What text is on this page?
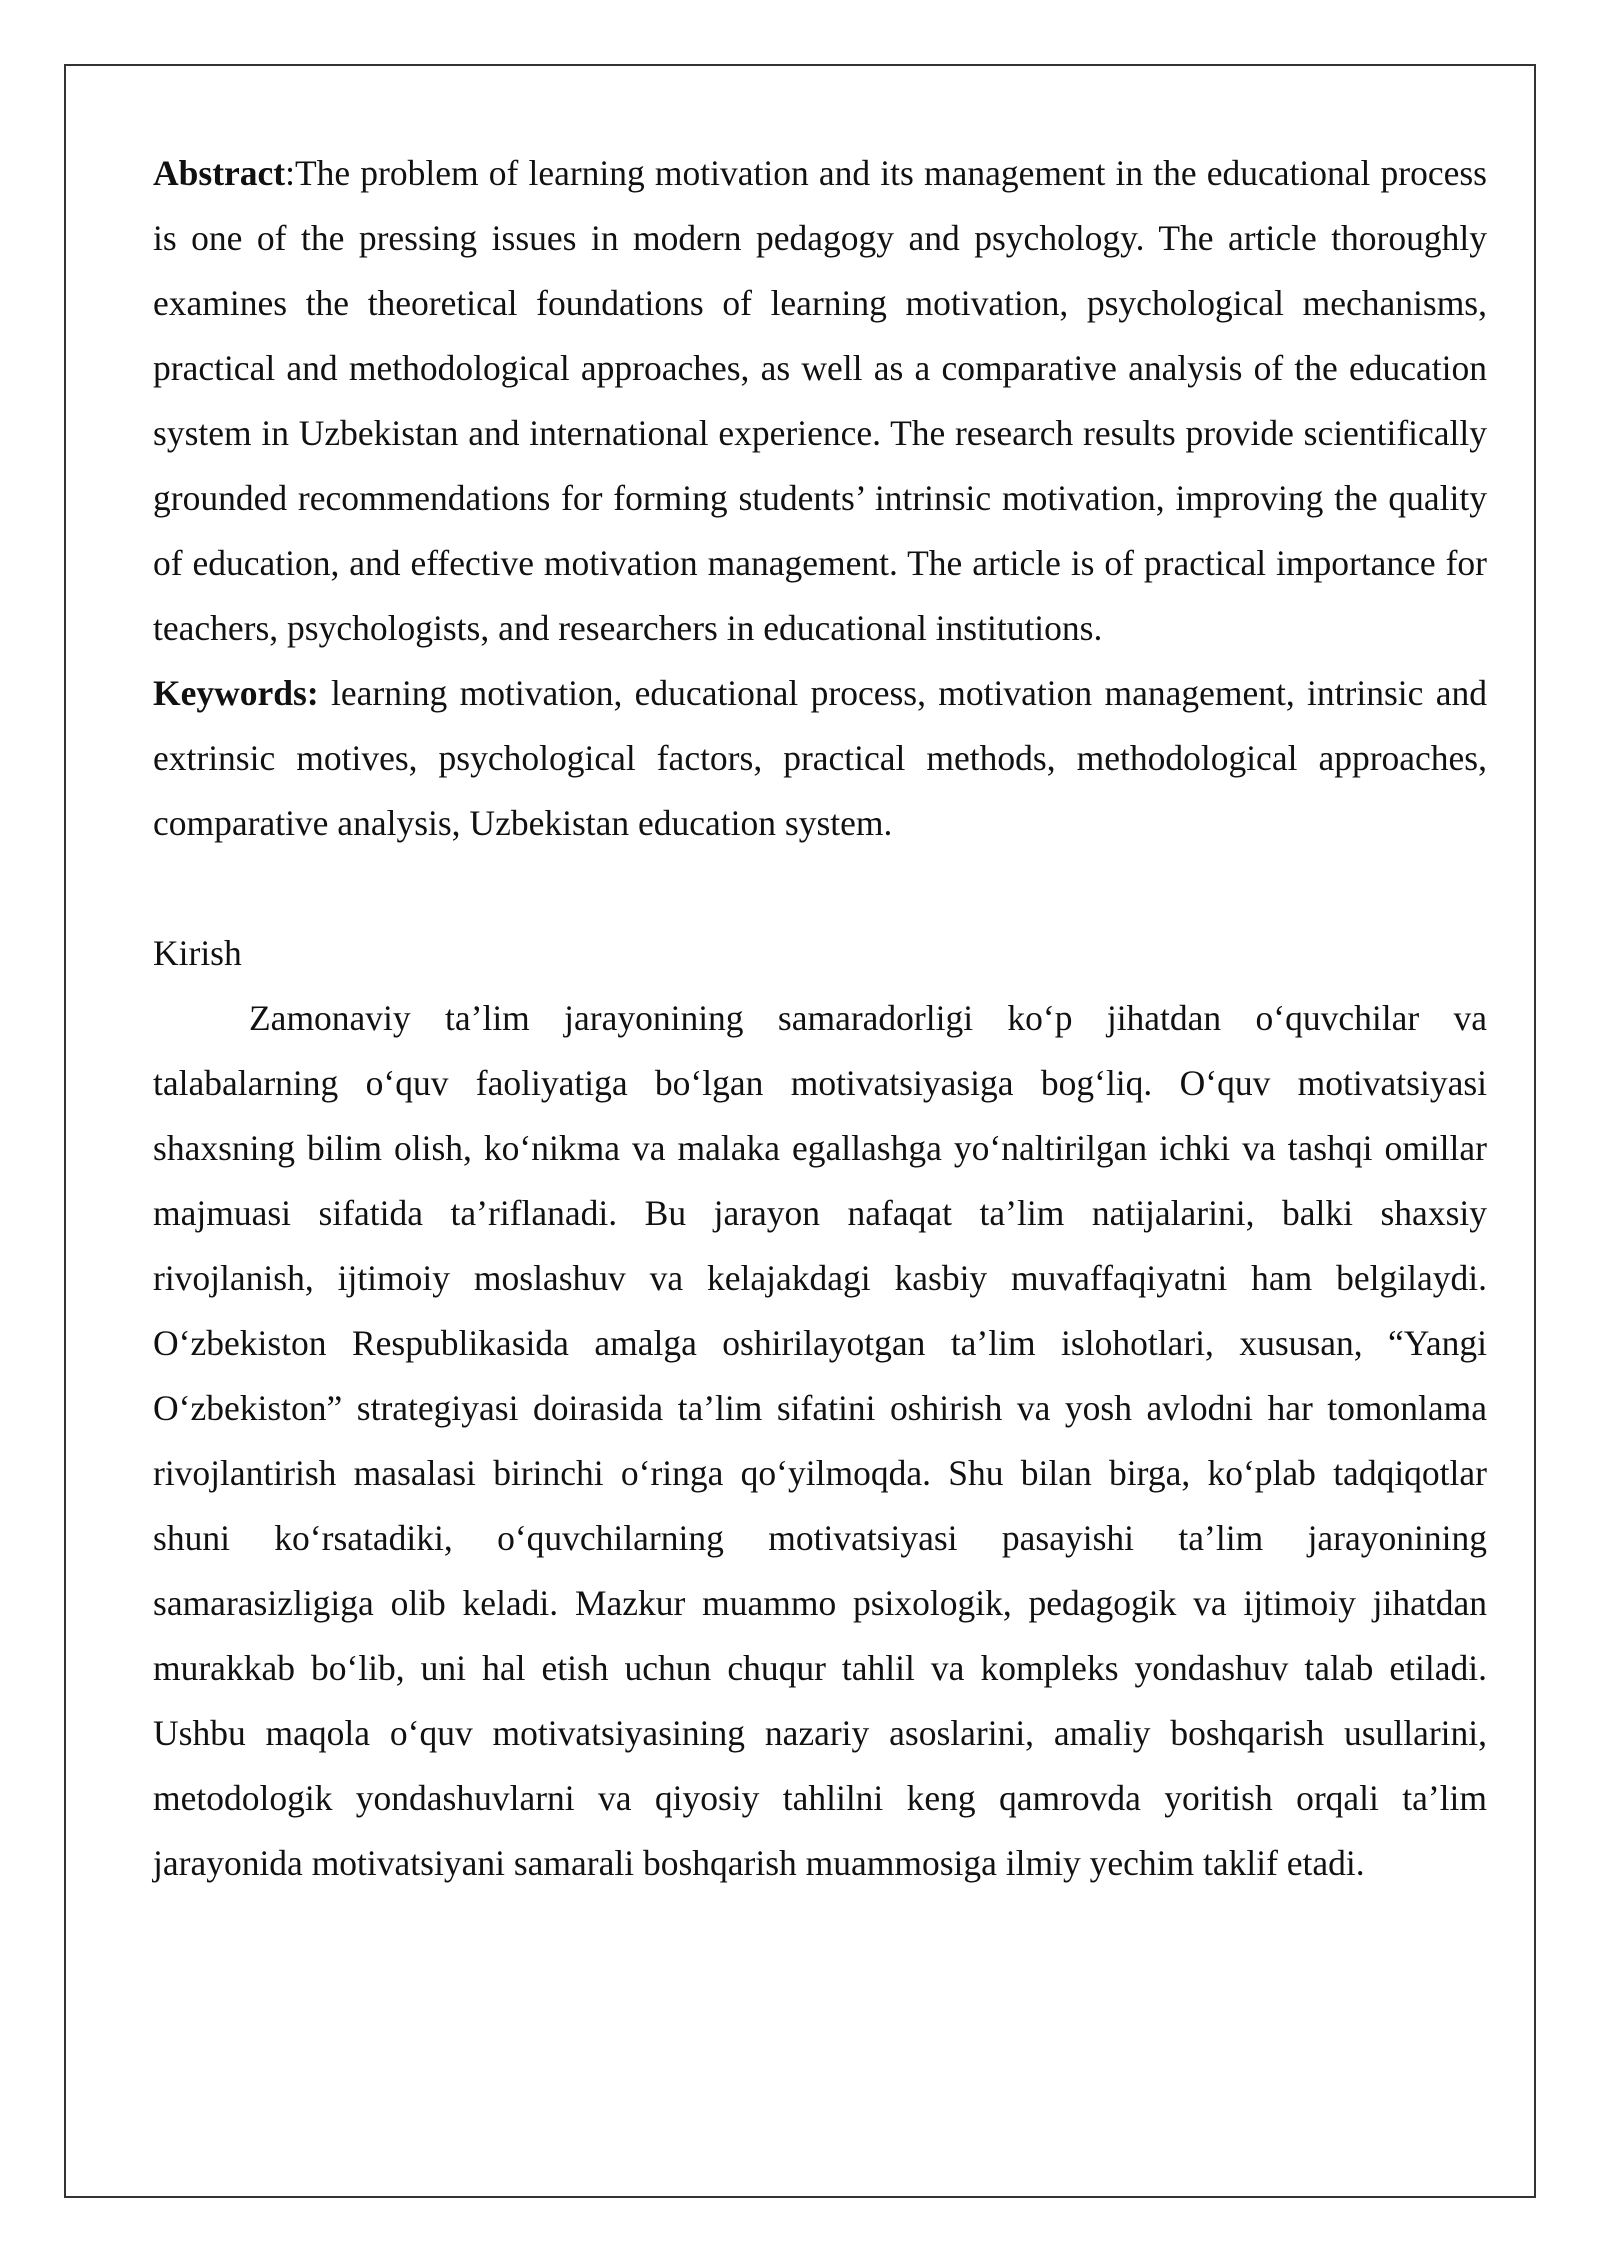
Abstract:The problem of learning motivation and its management in the educational process is one of the pressing issues in modern pedagogy and psychology. The article thoroughly examines the theoretical foundations of learning motivation, psychological mechanisms, practical and methodological approaches, as well as a comparative analysis of the education system in Uzbekistan and international experience. The research results provide scientifically grounded recommendations for forming students’ intrinsic motivation, improving the quality of education, and effective motivation management. The article is of practical importance for teachers, psychologists, and researchers in educational institutions.

Keywords: learning motivation, educational process, motivation management, intrinsic and extrinsic motives, psychological factors, practical methods, methodological approaches, comparative analysis, Uzbekistan education system.

Kirish

Zamonaviy ta’lim jarayonining samaradorligi ko‘p jihatdan o‘quvchilar va talabalarning o‘quv faoliyatiga bo‘lgan motivatsiyasiga bog‘liq. O‘quv motivatsiyasi shaxsning bilim olish, ko‘nikma va malaka egallashga yo‘naltirilgan ichki va tashqi omillar majmuasi sifatida ta’riflanadi. Bu jarayon nafaqat ta’lim natijalarini, balki shaxsiy rivojlanish, ijtimoiy moslashuv va kelajakdagi kasbiy muvaffaqiyatni ham belgilaydi. O‘zbekiston Respublikasida amalga oshirilayotgan ta’lim islohotlari, xususan, “Yangi O‘zbekiston” strategiyasi doirasida ta’lim sifatini oshirish va yosh avlodni har tomonlama rivojlantirish masalasi birinchi o‘ringa qo‘yilmoqda. Shu bilan birga, ko‘plab tadqiqotlar shuni ko‘rsatadiki, o‘quvchilarning motivatsiyasi pasayishi ta’lim jarayonining samarasizligiga olib keladi. Mazkur muammo psixologik, pedagogik va ijtimoiy jihatdan murakkab bo‘lib, uni hal etish uchun chuqur tahlil va kompleks yondashuv talab etiladi. Ushbu maqola o‘quv motivatsiyasining nazariy asoslarini, amaliy boshqarish usullarini, metodologik yondashuvlarni va qiyosiy tahlilni keng qamrovda yoritish orqali ta’lim jarayonida motivatsiyani samarali boshqarish muammosiga ilmiy yechim taklif etadi.
